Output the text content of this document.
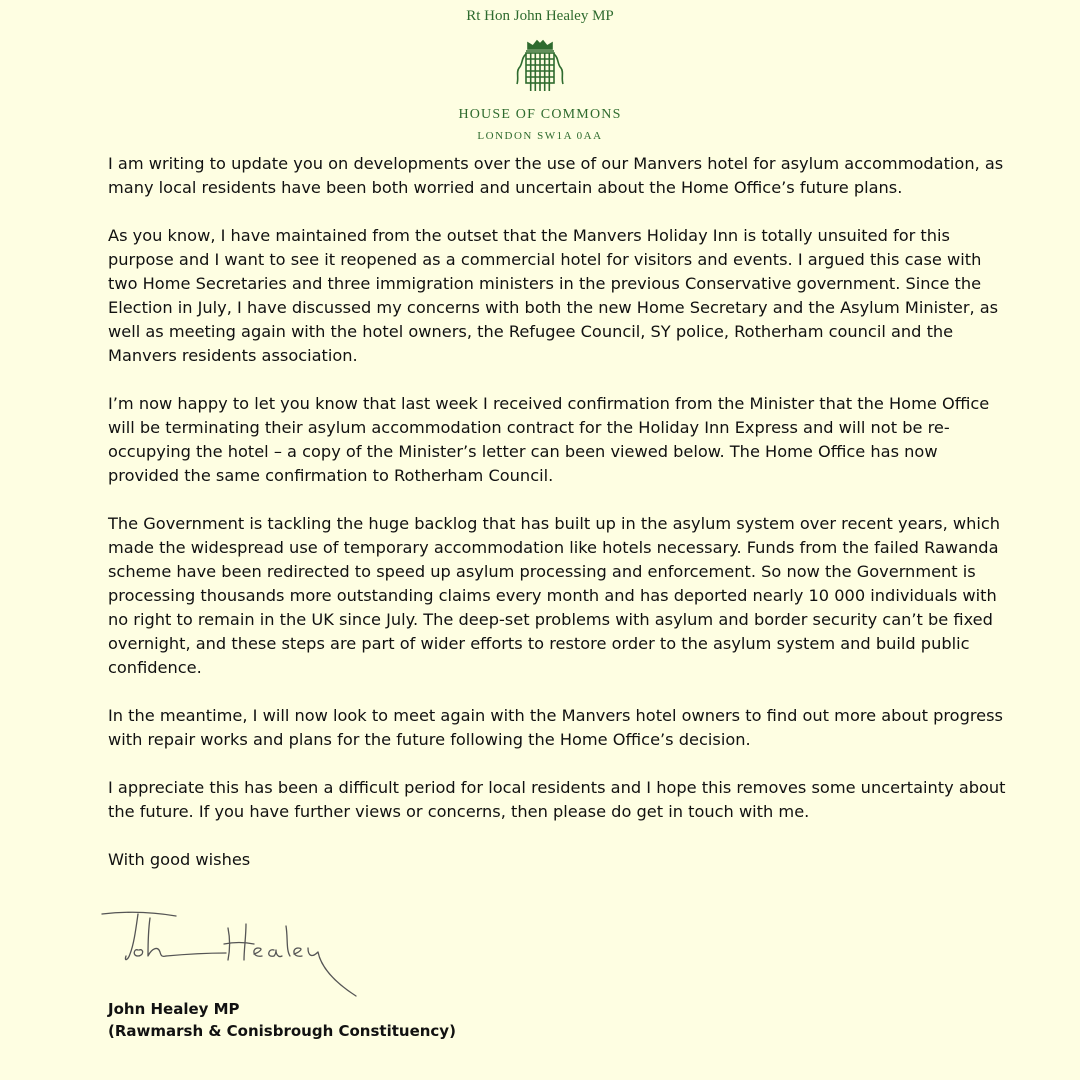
Rt Hon John Healey MP
HOUSE OF COMMONS
LONDON SW1A 0AA

I am writing to update you on developments over the use of our Manvers hotel for asylum accommodation, as many local residents have been both worried and uncertain about the Home Office’s future plans.

As you know, I have maintained from the outset that the Manvers Holiday Inn is totally unsuited for this purpose and I want to see it reopened as a commercial hotel for visitors and events. I argued this case with two Home Secretaries and three immigration ministers in the previous Conservative government. Since the Election in July, I have discussed my concerns with both the new Home Secretary and the Asylum Minister, as well as meeting again with the hotel owners, the Refugee Council, SY police, Rotherham council and the Manvers residents association.

I’m now happy to let you know that last week I received confirmation from the Minister that the Home Office will be terminating their asylum accommodation contract for the Holiday Inn Express and will not be re-occupying the hotel – a copy of the Minister’s letter can been viewed below. The Home Office has now provided the same confirmation to Rotherham Council.

The Government is tackling the huge backlog that has built up in the asylum system over recent years, which made the widespread use of temporary accommodation like hotels necessary. Funds from the failed Rawanda scheme have been redirected to speed up asylum processing and enforcement. So now the Government is processing thousands more outstanding claims every month and has deported nearly 10 000 individuals with no right to remain in the UK since July. The deep-set problems with asylum and border security can’t be fixed overnight, and these steps are part of wider efforts to restore order to the asylum system and build public confidence.

In the meantime, I will now look to meet again with the Manvers hotel owners to find out more about progress with repair works and plans for the future following the Home Office’s decision.

I appreciate this has been a difficult period for local residents and I hope this removes some uncertainty about the future. If you have further views or concerns, then please do get in touch with me.

With good wishes

John Healey MP
(Rawmarsh & Conisbrough Constituency)
